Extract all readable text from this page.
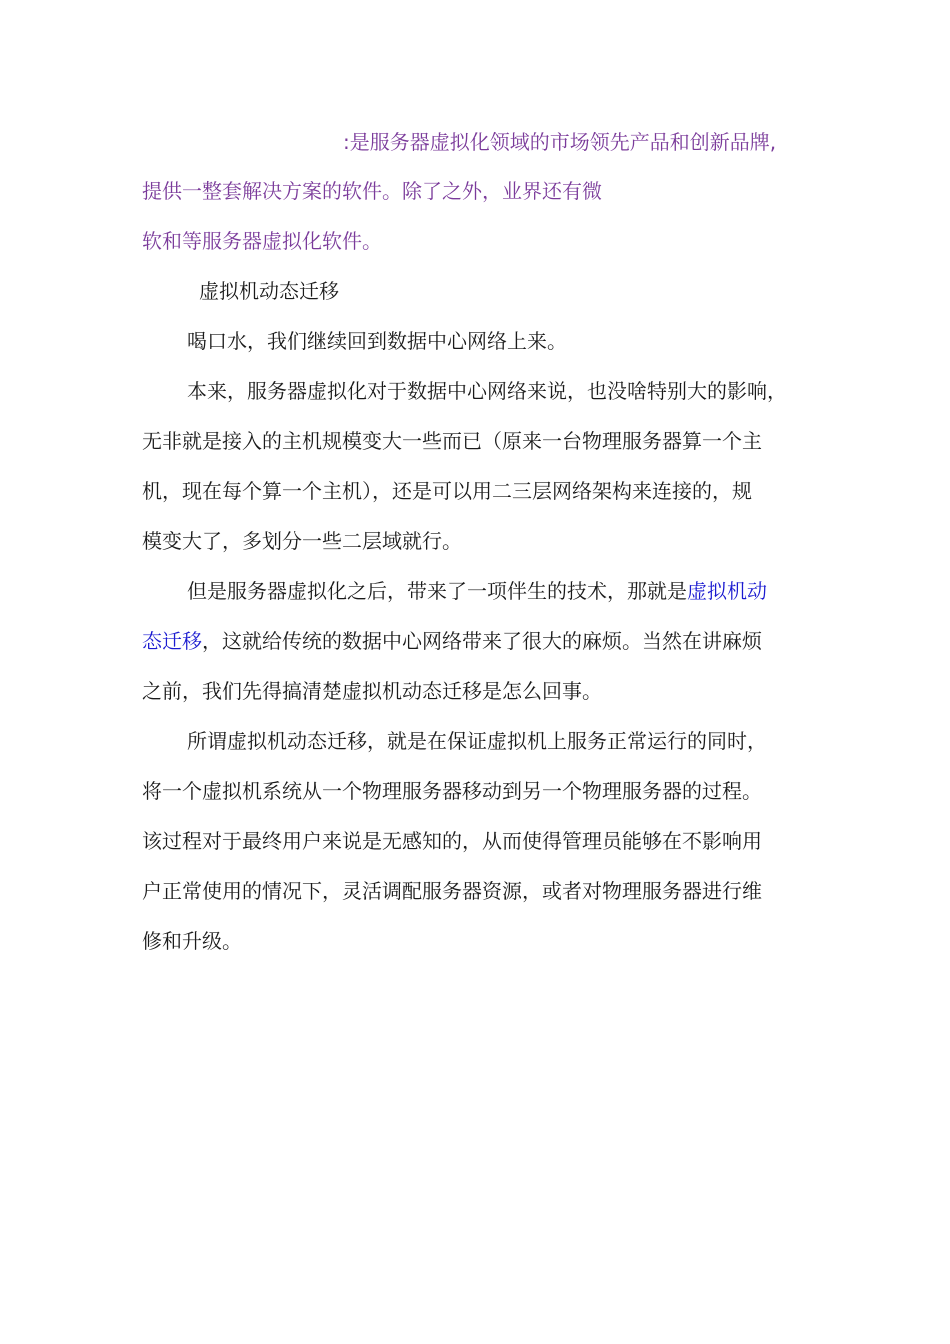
:是服务器虚拟化领域的市场领先产品和创新品牌,
提供一整套解决方案的软件。除了之外，业界还有微
软和等服务器虚拟化软件。
虚拟机动态迁移
喝口水，我们继续回到数据中心网络上来。
本来，服务器虚拟化对于数据中心网络来说，也没啥特别大的影响，
无非就是接入的主机规模变大一些而已（原来一台物理服务器算一个主
机，现在每个算一个主机），还是可以用二三层网络架构来连接的，规
模变大了，多划分一些二层域就行。
但是服务器虚拟化之后，带来了一项伴生的技术，那就是虚拟机动
态迁移，这就给传统的数据中心网络带来了很大的麻烦。当然在讲麻烦
之前，我们先得搞清楚虚拟机动态迁移是怎么回事。
所谓虚拟机动态迁移，就是在保证虚拟机上服务正常运行的同时，
将一个虚拟机系统从一个物理服务器移动到另一个物理服务器的过程。
该过程对于最终用户来说是无感知的，从而使得管理员能够在不影响用
户正常使用的情况下，灵活调配服务器资源，或者对物理服务器进行维
修和升级。
